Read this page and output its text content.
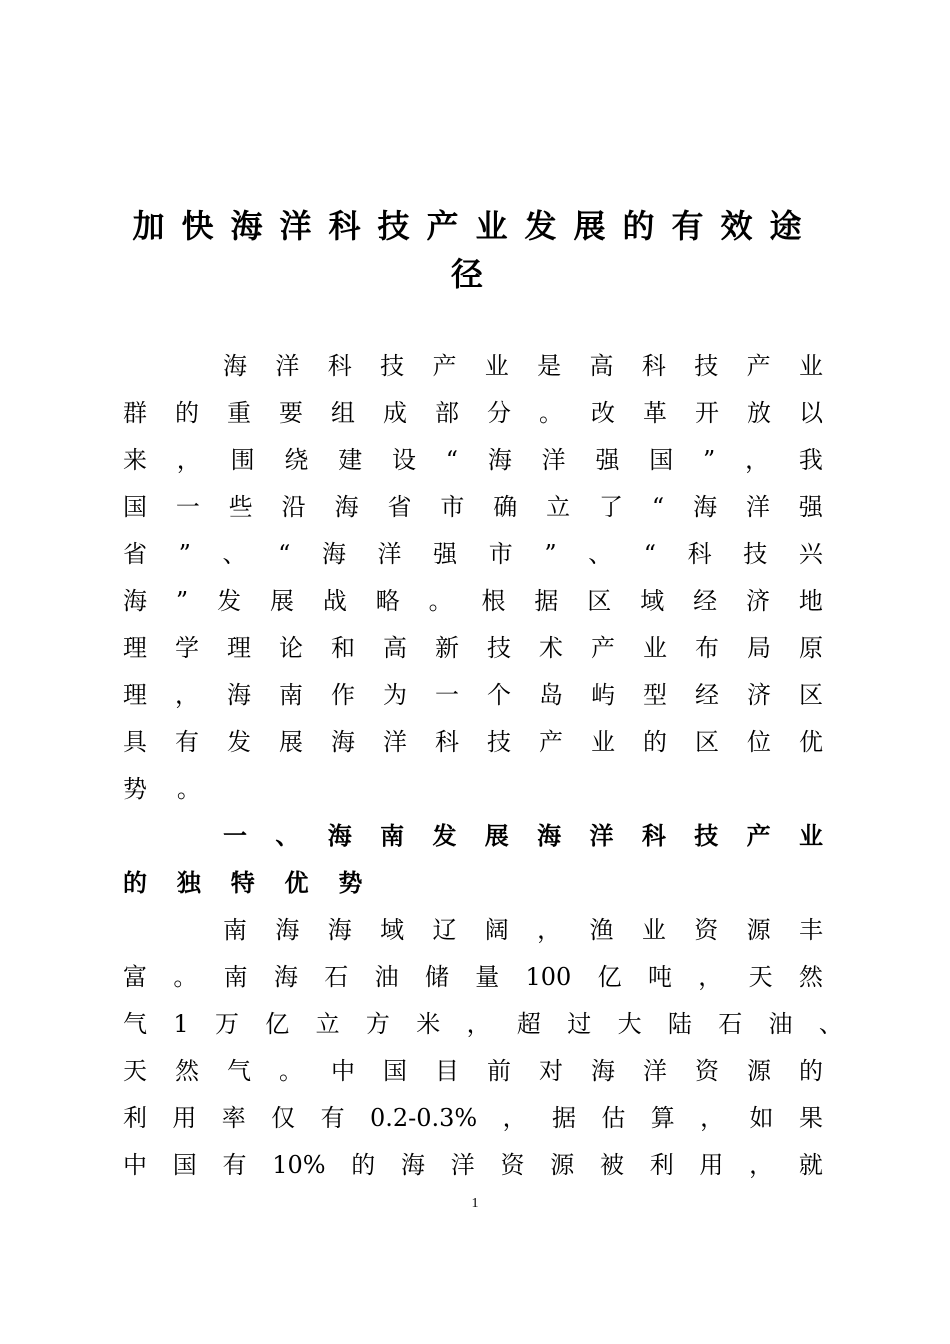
加快海洋科技产业发展的有效途
径
海 洋 科 技 产 业 是 高 科 技 产 业
群 的 重 要 组 成 部 分 。 改 革 开 放 以
来 ， 围 绕 建 设 “ 海 洋 强 国 ” ， 我
国 一 些 沿 海 省 市 确 立 了 “ 海 洋 强
省 ” 、 “ 海 洋 强 市 ” 、 “ 科 技 兴
海 ” 发 展 战 略 。 根 据 区 域 经 济 地
理 学 理 论 和 高 新 技 术 产 业 布 局 原
理 ， 海 南 作 为 一 个 岛 屿 型 经 济 区
具 有 发 展 海 洋 科 技 产 业 的 区 位 优
势	。
一 、 海 南 发 展 海 洋 科 技 产 业
的	独	特	优	势
南 海 海 域 辽 阔 ， 渔 业 资 源 丰
富 。 南 海 石 油 储 量 100 亿 吨 ， 天 然
气 1 万 亿 立 方 米 ， 超 过 大 陆 石 油 、
天 然 气 。 中 国 目 前 对 海 洋 资 源 的
利 用 率 仅 有 0.2-0.3% ， 据 估 算 ， 如 果
中 国 有 10% 的 海 洋 资 源 被 利 用 ， 就
1
